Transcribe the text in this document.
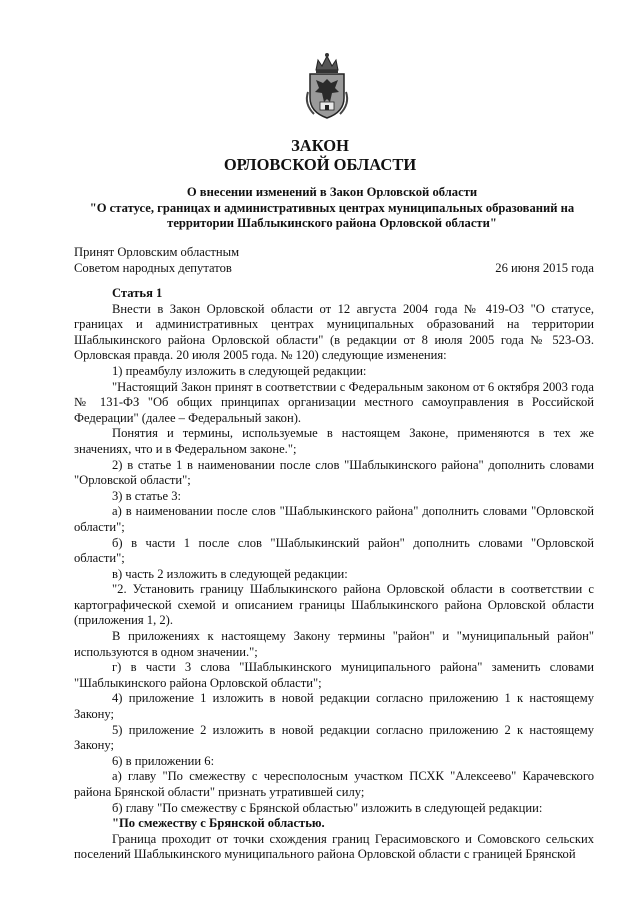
ЗАКОН
ОРЛОВСКОЙ ОБЛАСТИ
О внесении изменений в Закон Орловской области
"О статусе, границах и административных центрах муниципальных образований на
территории Шаблыкинского района Орловской области"
Принят Орловским областным
Советом народных депутатов	26 июня 2015 года

Статья 1

Внести в Закон Орловской области от 12 августа 2004 года № 419-ОЗ "О статусе, границах и административных центрах муниципальных образований на территории Шаблыкинского района Орловской области" (в редакции от 8 июля 2005 года № 523-ОЗ. Орловская правда. 20 июля 2005 года. № 120) следующие изменения:

1) преамбулу изложить в следующей редакции:

"Настоящий Закон принят в соответствии с Федеральным законом от 6 октября 2003 года № 131-ФЗ "Об общих принципах организации местного самоуправления в Российской Федерации" (далее – Федеральный закон).

Понятия и термины, используемые в настоящем Законе, применяются в тех же значениях, что и в Федеральном законе.";

2) в статье 1 в наименовании после слов "Шаблыкинского района" дополнить словами "Орловской области";

3) в статье 3:

а) в наименовании после слов "Шаблыкинского района" дополнить словами "Орловской области";

б) в части 1 после слов "Шаблыкинский район" дополнить словами "Орловской области";

в) часть 2 изложить в следующей редакции:

"2. Установить границу Шаблыкинского района Орловской области в соответствии с картографической схемой и описанием границы Шаблыкинского района Орловской области (приложения 1, 2).

В приложениях к настоящему Закону термины "район" и "муниципальный район" используются в одном значении.";

г) в части 3 слова "Шаблыкинского муниципального района" заменить словами "Шаблыкинского района Орловской области";

4) приложение 1 изложить в новой редакции согласно приложению 1 к настоящему Закону;

5) приложение 2 изложить в новой редакции согласно приложению 2 к настоящему Закону;

6) в приложении 6:

а) главу "По смежеству с чересполосным участком ПСХК "Алексеево" Карачевского района Брянской области" признать утратившей силу;

б) главу "По смежеству с Брянской областью" изложить в следующей редакции:

"По смежеству с Брянской областью.

Граница проходит от точки схождения границ Герасимовского и Сомовского сельских поселений Шаблыкинского муниципального района Орловской области с границей Брянской
